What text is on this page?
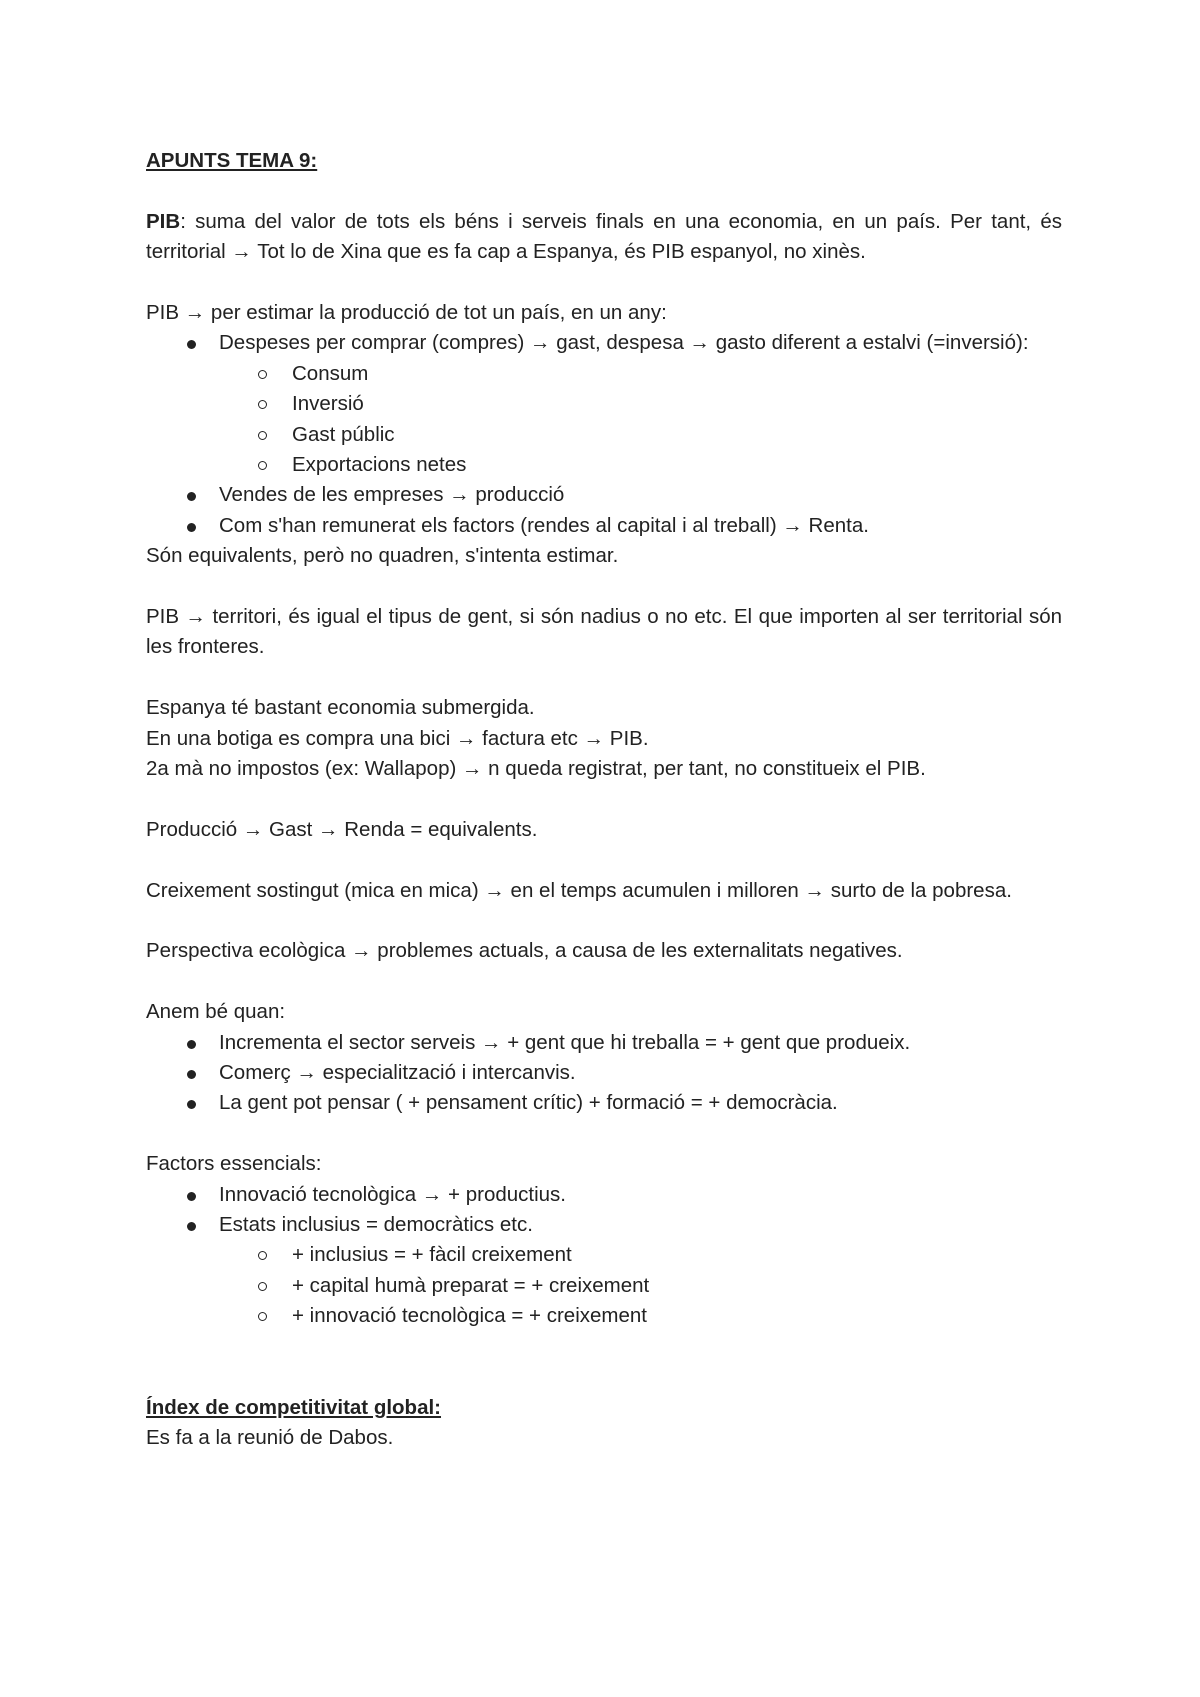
APUNTS TEMA 9:

PIB: suma del valor de tots els béns i serveis finals en una economia, en un país. Per tant, és territorial → Tot lo de Xina que es fa cap a Espanya, és PIB espanyol, no xinès.

PIB → per estimar la producció de tot un país, en un any:

Despeses per comprar (compres) → gast, despesa → gasto diferent a estalvi (=inversió):
Consum
Inversió
Gast públic
Exportacions netes
Vendes de les empreses → producció
Com s'han remunerat els factors (rendes al capital i al treball) → Renta.

Són equivalents, però no quadren, s'intenta estimar.

PIB → territori, és igual el tipus de gent, si són nadius o no etc. El que importen al ser territorial són les fronteres.

Espanya té bastant economia submergida.

En una botiga es compra una bici → factura etc → PIB.

2a mà no impostos (ex: Wallapop) → n queda registrat, per tant, no constitueix el PIB.

Producció → Gast → Renda = equivalents.

Creixement sostingut (mica en mica) → en el temps acumulen i milloren → surto de la pobresa.

Perspectiva ecològica → problemes actuals, a causa de les externalitats negatives.

Anem bé quan:

Incrementa el sector serveis → + gent que hi treballa = + gent que produeix.
Comerç → especialització i intercanvis.
La gent pot pensar ( + pensament crític) + formació = + democràcia.

Factors essencials:

Innovació tecnològica → + productius.
Estats inclusius = democràtics etc.
+ inclusius = + fàcil creixement
+ capital humà preparat = + creixement
+ innovació tecnològica = + creixement

Índex de competitivitat global:

Es fa a la reunió de Dabos.
